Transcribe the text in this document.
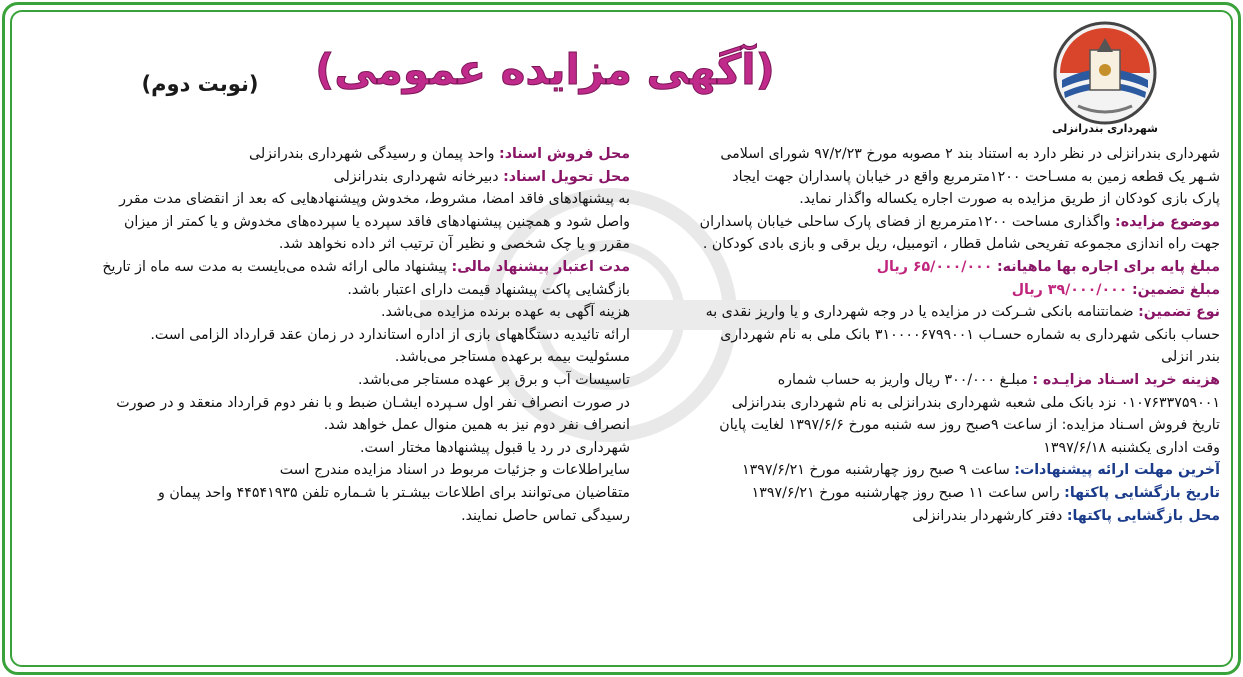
شهرداری بندرانزلی
(آگهی مزایده عمومی)
(نوبت دوم)
شهرداری بندرانزلی در نظر دارد به استناد بند ۲ مصوبه مورخ ۹۷/۲/۲۳ شورای اسلامی
شـهر یک قطعه زمین به مسـاحت ۱۲۰۰مترمربع واقع در خیابان پاسداران جهت ایجاد
پارک بازی کودکان از طریق مزایده به صورت اجاره یکساله واگذار نماید.
موضوع مزایده: واگذاری مساحت ۱۲۰۰مترمربع از فضای پارک ساحلی خیابان پاسداران
جهت راه اندازی مجموعه تفریحی شامل قطار ، اتومبیل، ریل برقی و بازی بادی کودکان .
مبلغ پایه برای اجاره بها ماهیانه: ۶۵/۰۰۰/۰۰۰ ریال
مبلغ تضمین: ۳۹/۰۰۰/۰۰۰ ریال
نوع تضمین: ضمانتنامه بانکی شـرکت در مزایده یا در وجه شهرداری و یا واریز نقدی به
حساب بانکی شهرداری به شماره حسـاب ۳۱۰۰۰۰۶۷۹۹۰۰۱ بانک ملی به نام شهرداری
بندر انزلی
هزینه خرید اسـناد مزایـده : مبلـغ ۳۰۰/۰۰۰ ریال واریز به حساب شماره
۰۱۰۷۶۳۳۷۵۹۰۰۱ نزد بانک ملی شعبه شهرداری بندرانزلی به نام شهرداری بندرانزلی
تاریخ فروش اسـناد مزایده: از ساعت ۹صبح روز سه شنبه مورخ ۱۳۹۷/۶/۶ لغایت پایان
وقت اداری یکشنبه ۱۳۹۷/۶/۱۸
آخرین مهلت ارائه پیشنهادات: ساعت ۹ صبح روز چهارشنبه مورخ ۱۳۹۷/۶/۲۱
تاریخ بازگشایی پاکتها: راس ساعت ۱۱ صبح روز چهارشنبه مورخ ۱۳۹۷/۶/۲۱
محل بازگشایی پاکتها: دفتر کارشهردار بندرانزلی
محل فروش اسناد: واحد پیمان و رسیدگی شهرداری بندرانزلی
محل تحویل اسناد: دبیرخانه شهرداری بندرانزلی
به پیشنهادهای فاقد امضا، مشروط، مخدوش وپیشنهادهایی که بعد از انقضای مدت مقرر
واصل شود و همچنین پیشنهادهای فاقد سپرده یا سپرده‌های مخدوش و یا کمتر از میزان
مقرر و یا چک شخصی و نظیر آن ترتیب اثر داده نخواهد شد.
مدت اعتبار پیشنهاد مالی: پیشنهاد مالی ارائه شده می‌بایست به مدت سه ماه از تاریخ
بازگشایی پاکت پیشنهاد قیمت دارای اعتبار باشد.
هزینه آگهی به عهده برنده مزایده می‌باشد.
ارائه تائیدیه دستگاههای بازی از اداره استاندارد در زمان عقد قرارداد الزامی است.
مسئولیت بیمه برعهده مستاجر می‌باشد.
تاسیسات آب و برق بر عهده مستاجر می‌باشد.
در صورت انصراف نفر اول سـپرده ایشـان ضبط و با نفر دوم قرارداد منعقد و در صورت
انصراف نفر دوم نیز به همین منوال عمل خواهد شد.
شهرداری در رد یا قبول پیشنهادها مختار است.
سایراطلاعات و جزئیات مربوط در اسناد مزایده مندرج است
متقاضیان می‌توانند برای اطلاعات بیشـتر با شـماره تلفن ۴۴۵۴۱۹۳۵ واحد پیمان و
رسیدگی تماس حاصل نمایند.
